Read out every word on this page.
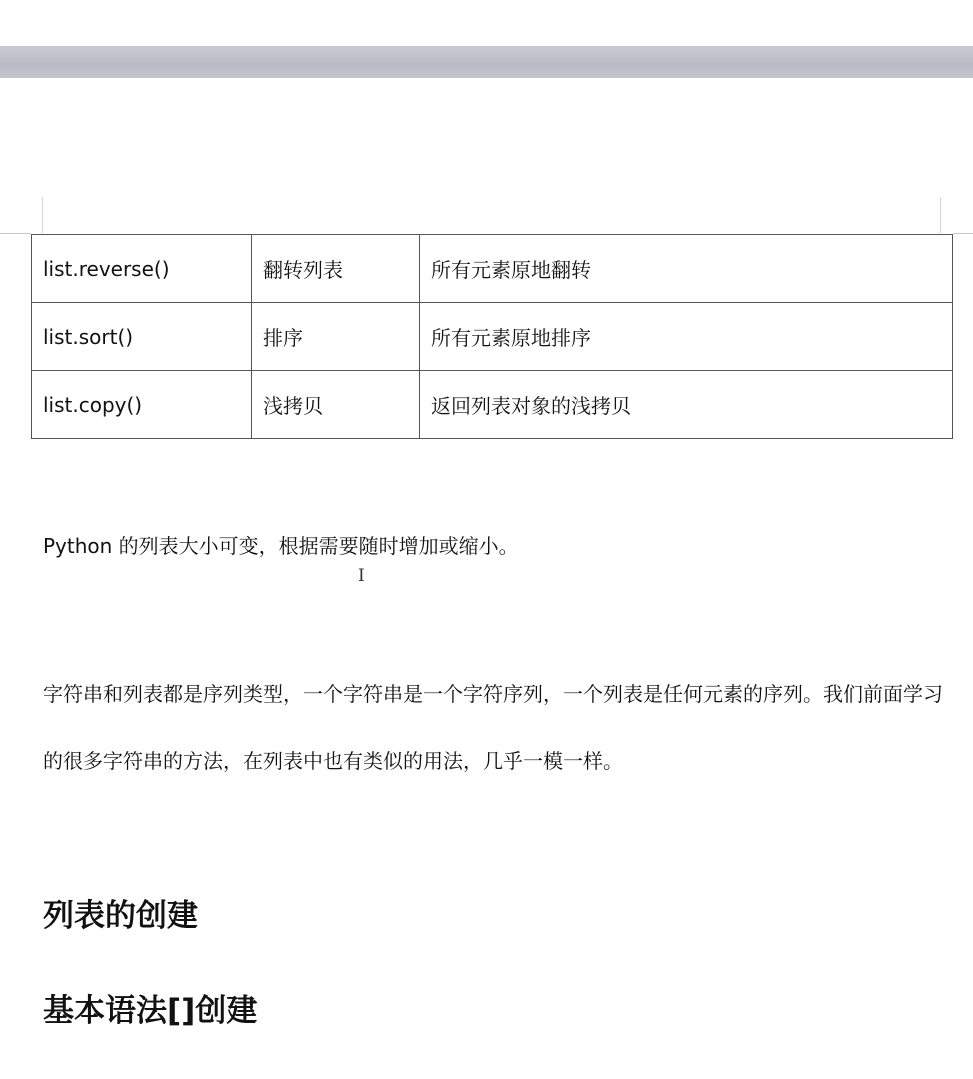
list.reverse()	翻转列表	所有元素原地翻转
list.sort()	排序	所有元素原地排序
list.copy()	浅拷贝	返回列表对象的浅拷贝

Python 的列表大小可变，根据需要随时增加或缩小。

I

字符串和列表都是序列类型，一个字符串是一个字符序列，一个列表是任何元素的序列。我们前面学习的很多字符串的方法，在列表中也有类似的用法，几乎一模一样。

列表的创建
基本语法[]创建
